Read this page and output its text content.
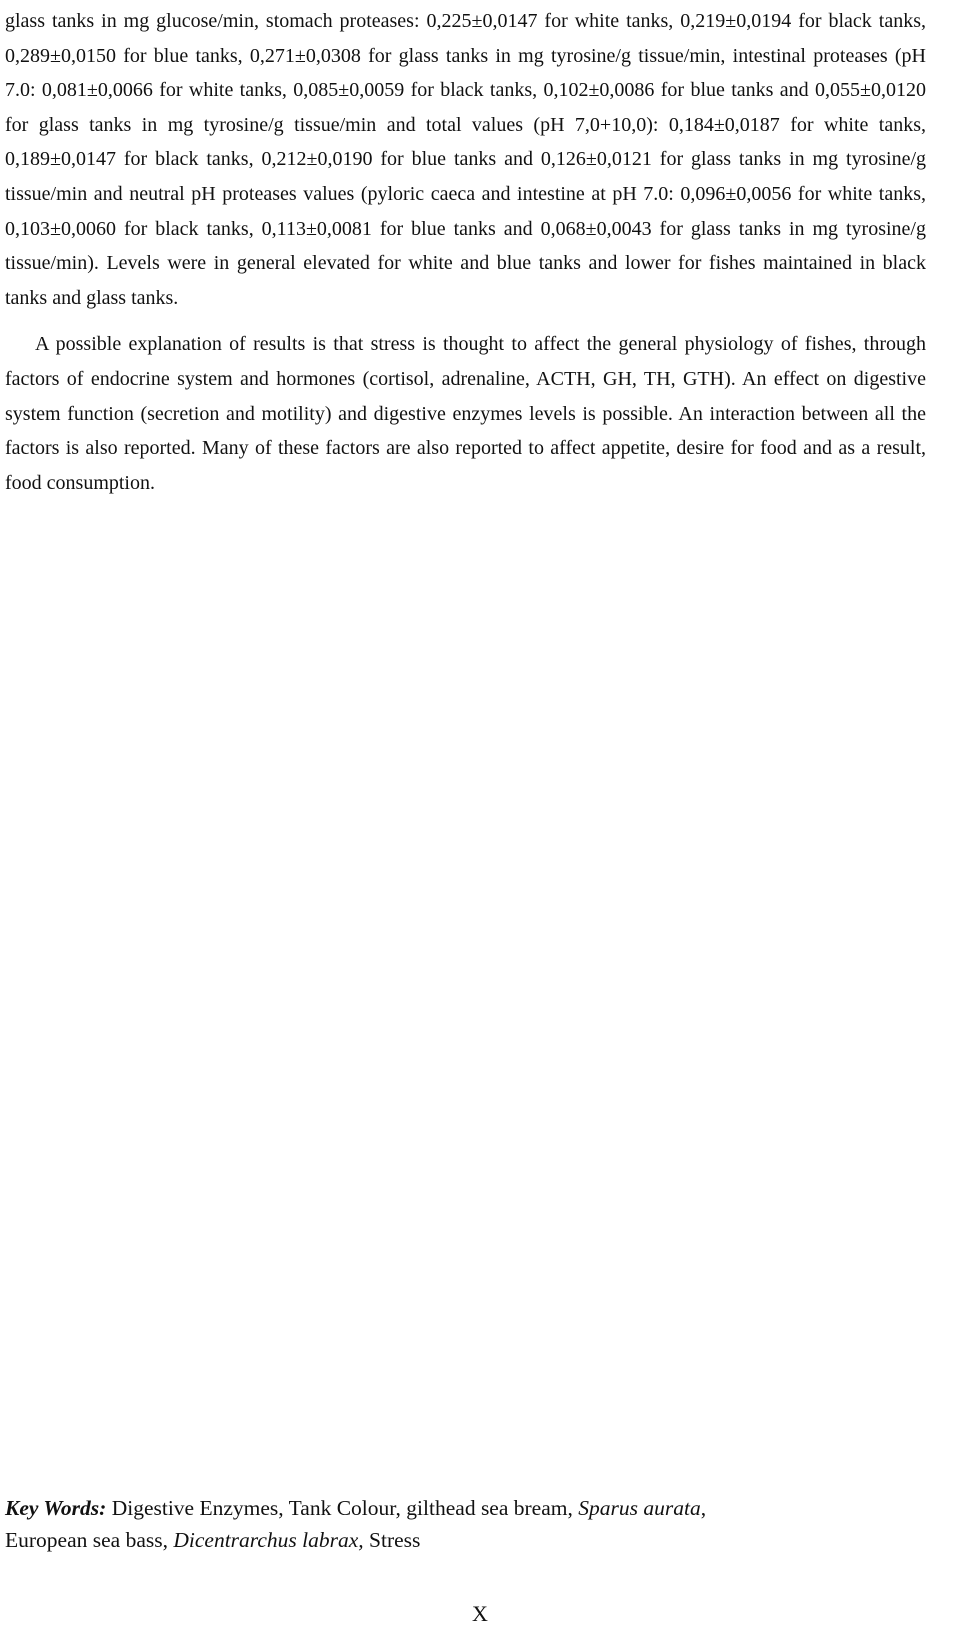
glass tanks in mg glucose/min, stomach proteases: 0,225±0,0147 for white tanks, 0,219±0,0194 for black tanks, 0,289±0,0150 for blue tanks, 0,271±0,0308 for glass tanks in mg tyrosine/g tissue/min, intestinal proteases (pH 7.0: 0,081±0,0066 for white tanks, 0,085±0,0059 for black tanks, 0,102±0,0086 for blue tanks and 0,055±0,0120 for glass tanks in mg tyrosine/g tissue/min and total values (pH 7,0+10,0): 0,184±0,0187 for white tanks, 0,189±0,0147 for black tanks, 0,212±0,0190 for blue tanks and 0,126±0,0121 for glass tanks in mg tyrosine/g tissue/min and neutral pH proteases values (pyloric caeca and intestine at pH 7.0: 0,096±0,0056 for white tanks, 0,103±0,0060 for black tanks, 0,113±0,0081 for blue tanks and 0,068±0,0043 for glass tanks in mg tyrosine/g tissue/min). Levels were in general elevated for white and blue tanks and lower for fishes maintained in black tanks and glass tanks.

A possible explanation of results is that stress is thought to affect the general physiology of fishes, through factors of endocrine system and hormones (cortisol, adrenaline, ACTH, GH, TH, GTH). An effect on digestive system function (secretion and motility) and digestive enzymes levels is possible. An interaction between all the factors is also reported. Many of these factors are also reported to affect appetite, desire for food and as a result, food consumption.

Key Words: Digestive Enzymes, Tank Colour, gilthead sea bream, Sparus aurata,
European sea bass, Dicentrarchus labrax, Stress
X
